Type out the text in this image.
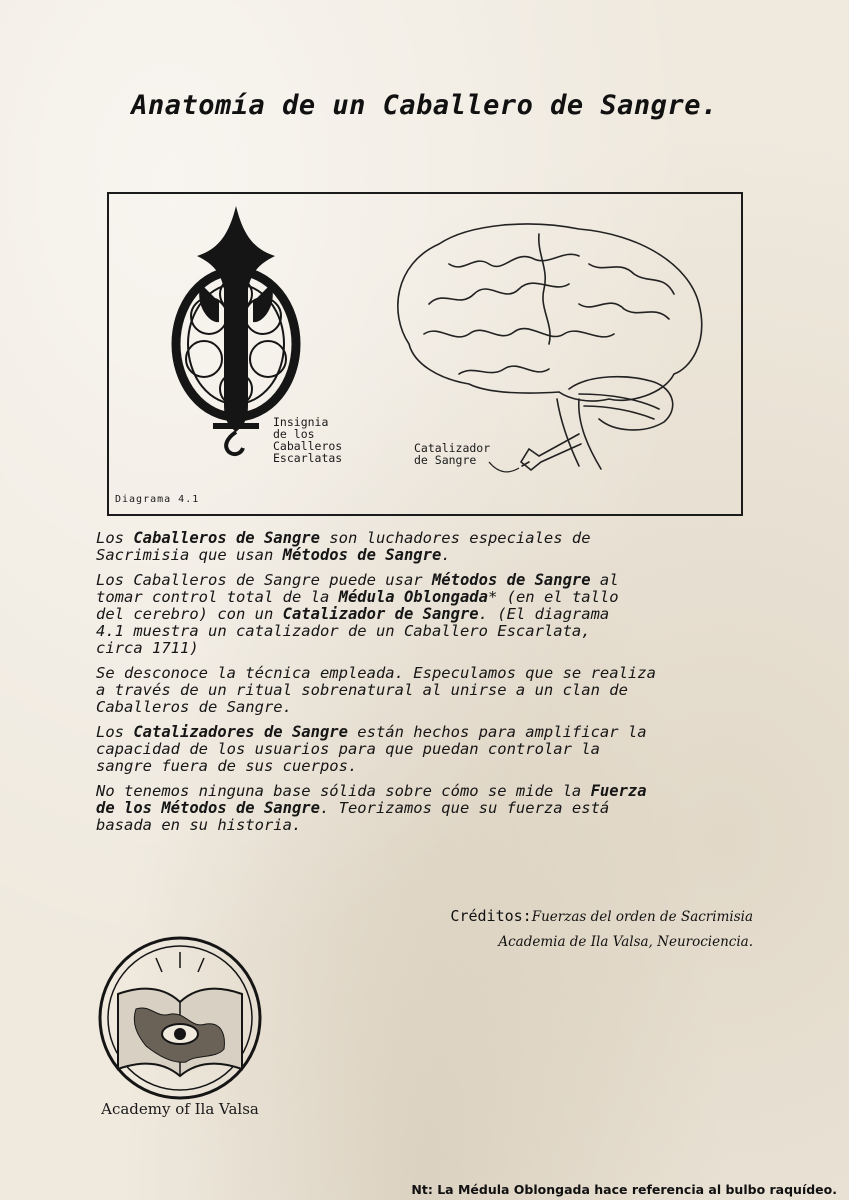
Anatomía de un Caballero de Sangre.
Insignia
de los
Caballeros
Escarlatas
Catalizador
de Sangre
Diagrama 4.1

Los Caballeros de Sangre son luchadores especiales de
Sacrimisia que usan Métodos de Sangre.

Los Caballeros de Sangre puede usar Métodos de Sangre al
tomar control total de la Médula Oblongada* (en el tallo
del cerebro) con un Catalizador de Sangre. (El diagrama
4.1 muestra un catalizador de un Caballero Escarlata,
circa 1711)

Se desconoce la técnica empleada. Especulamos que se realiza
a través de un ritual sobrenatural al unirse a un clan de
Caballeros de Sangre.

Los Catalizadores de Sangre están hechos para amplificar la
capacidad de los usuarios para que puedan controlar la
sangre fuera de sus cuerpos.

No tenemos ninguna base sólida sobre cómo se mide la Fuerza
de los Métodos de Sangre. Teorizamos que su fuerza está
basada en su historia.

Créditos:Fuerzas del orden de Sacrimisia
Academia de Ila Valsa, Neurociencia.
Academy of Ila Valsa
Nt: La Médula Oblongada hace referencia al bulbo raquídeo.
